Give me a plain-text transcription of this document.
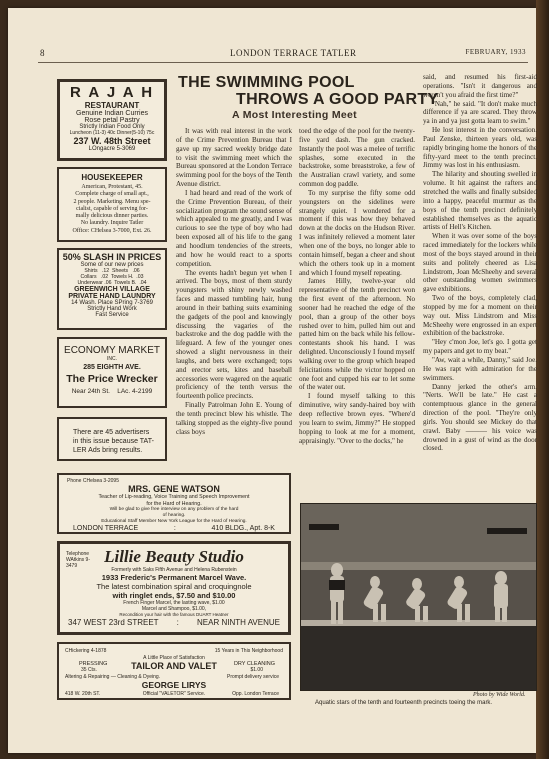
8	LONDON TERRACE TATLER	FEBRUARY, 1933
R A J A H
RESTAURANT
Genuine Indian Curries
Rose petal Pastry
Strictly Indian Food Only
Luncheon (11-3) 40c Dinner(5-10) 75c
237 W. 48th Street
LOngacre 5-3069
HOUSEKEEPER
American, Protestant, 45.
Complete charge of small apt.,
2 people. Marketing. Menu spe-
cialist, capable of serving for-
mally delicious dinner parties.
No laundry. Inquire Tatler
Office: CHelsea 3-7000, Ext. 26.
50% SLASH IN PRICES
Some of our new prices
Shirts   .12  Sheets   .06
Collars   .02  Towels H.  .03
Underwear .06  Towels B.  .04
GREENWICH VILLAGE
PRIVATE HAND LAUNDRY
14 Wash. Place SPring 7-3769
Strictly Hand Work
Fast Service
ECONOMY MARKET
INC.
285 EIGHTH AVE.
The Price Wrecker
Near 24th St. LAc. 4-2199
There are 45 advertisers
in this issue because TAT-
LER Ads bring results.
Phone CHelsea 3-2095
MRS. GENE WATSON
Teacher of Lip-reading, Voice Training and Speech Improvement
for the Hard of Hearing.
Will be glad to give free interview on any problem of the hard
of hearing.
Educational Staff Member New York League for the Hard of Hearing.
LONDON TERRACE	:	410 BLDG., Apt. 8-K
Telephone WAtkins 9-3479	Lillie Beauty Studio
Formerly with Saks Fifth Avenue and Helena Rubenstein
1933 Frederic's Permanent Marcel Wave.
The latest combination spiral and croquingnole
with ringlet ends, $7.50 and $10.00
French Finger Marcel, the lasting wave, $1.00
Marcel and Shampoo, $1.00,
Recondition your hair with the famous DUART Heatner
347 WEST 23rd STREET : NEAR NINTH AVENUE
CHickering 4-1878	15 Years in This Neighborhood
A Little Place of Satisfaction
PRESSING
35 Cts.	TAILOR AND VALET	DRY CLEANING
$1.00
Altering & Repairing — Cleaning & Dyeing.	Prompt delivery service
GEORGE LIRYS
418 W. 20th ST.	Official "VALETOR" Service.	Opp. London Terrace
THE SWIMMING POOL
THROWS A GOOD PARTY
A Most Interesting Meet

It was with real interest in the work of the Crime Prevention Bureau that I gave up my sacred weekly bridge date to visit the swimming meet which the Bureau sponsored at the London Terrace swimming pool for the boys of the Tenth Avenue district.

I had heard and read of the work of the Crime Prevention Bureau, of their socialization program the sound sense of which appealed to me greatly, and I was curious to see the type of boy who had been exposed all of his life to the gang and hoodlum tendencies of the streets, and how he would react to a sports competition.

The events hadn't begun yet when I arrived. The boys, most of them sturdy youngsters with shiny newly washed faces and massed tumbling hair, hung around in their bathing suits examining the gadgets of the pool and knowingly discussing the vagaries of the backstroke and the dog paddle with the lifeguard. A few of the younger ones showed a slight nervousness in their laughs, and bets were exchanged; tops and erector sets, kites and baseball accessories were wagered on the aquatic proficiency of the tenth versus the fourteenth police precincts.

Finally Patrolman John E. Young of the tenth precinct blew his whistle. The talking stopped as the eighty-five pound class boys

toed the edge of the pool for the twenty-five yard dash. The gun cracked. Instantly the pool was a melee of terrific splashes, some executed in the backstroke, some breaststroke, a few of the Australian crawl variety, and some common dog paddle.

To my surprise the fifty some odd youngsters on the sidelines were strangely quiet. I wondered for a moment if this was how they behaved down at the docks on the Hudson River. I was infinitely relieved a moment later when one of the boys, no longer able to contain himself, began a cheer and shout which the others took up in a moment and which I found myself repeating.

James Hilly, twelve-year old representative of the tenth precinct won the first event of the afternoon. No sooner had he reached the edge of the pool, than a group of the other boys rushed over to him, pulled him out and patted him on the back while his fellow-contestants shook his hand. I was delighted. Unconsciously I found myself walking over to the group which heaped felicitations while the victor hopped on one foot and cupped his ear to let some of the water out.

I found myself talking to this diminutive, wiry sandy-haired boy with deep reflective brown eyes. "Where'd you learn to swim, Jimmy?" He stopped hopping to look at me for a moment, appraisingly. "Over to the docks," he

said, and resumed his first-aid operations. "Isn't it dangerous and weren't you afraid the first time?"

"Nah," he said. "It don't make much difference if ya are scared. They throw ya in and ya just gotta learn to swim."

He lost interest in the conversation. Paul Zenske, thirteen years old, was rapidly bringing home the honors of the fifty-yard meet to the tenth precinct. Jimmy was lost in his enthusiasm.

The hilarity and shouting swelled in volume. It hit against the rafters and stretched the walls and finally subsided into a happy, peaceful murmur as the boys of the tenth precinct definitely established themselves as the aquatic artists of Hell's Kitchen.

When it was over some of the boys raced immediately for the lockers while most of the boys stayed around in their suits and politely cheered as Lisa Lindstrom, Joan McSheehy and several other outstanding women swimmers gave exhibitions.

Two of the boys, completely clad, stopped by me for a moment on their way out. Miss Lindstrom and Miss McSheehy were engrossed in an expert exhibition of the backstroke.

"Hey c'mon Joe, let's go. I gotta get my papers and get to my beat."

"Aw, wait a while, Danny," said Joe. He was rapt with admiration for the swimmers.

Danny jerked the other's arm. "Nerts. We'll be late." He cast a contemptuous glance in the general direction of the pool. "They're only girls. You should see Mickey do that crawl. Baby ——— his voice was drowned in a gust of wind as the door closed.

Photo by Wide World.
Aquatic stars of the tenth and fourteenth precincts toeing the mark.
